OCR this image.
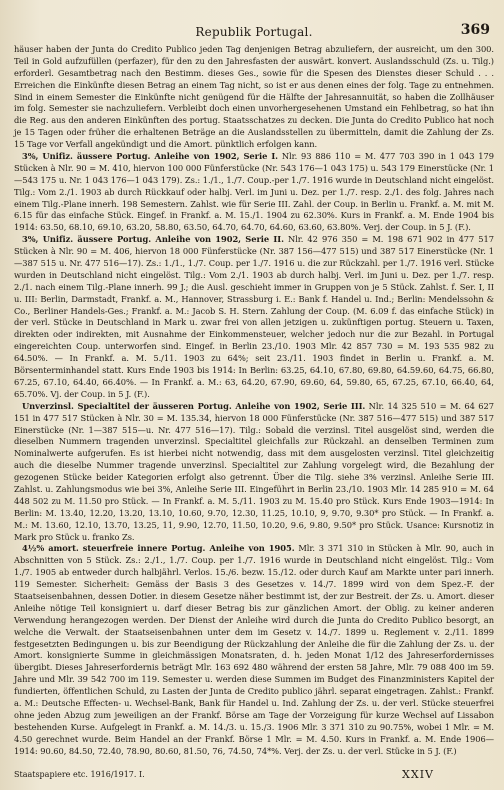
Republik Portugal.	369

häuser haben der Junta do Credito Publico jeden Tag denjenigen Betrag abzuliefern, der ausreicht, um den 300. Teil in Gold aufzufüllen (perfazer), für den zu den Jahresfasten der auswärt. konvert. Auslandsschuld (Zs. u. Tilg.) erforderl. Gesamtbetrag nach den Bestimm. dieses Ges., sowie für die Spesen des Dienstes dieser Schuld . . . Erreichen die Einkünfte diesen Betrag an einem Tag nicht, so ist er aus denen eines der folg. Tage zu entnehmen. Sind in einem Semester die Einkünfte nicht genügend für die Hälfte der Jahresannuität, so haben die Zollhäuser im folg. Semester sie nachzuliefern. Verbleibt doch einen unvorhergesehenen Umstand ein Fehlbetrag, so hat ihn die Reg. aus den anderen Einkünften des portug. Staatsschatzes zu decken. Die Junta do Credito Publico hat noch je 15 Tagen oder früher die erhaltenen Beträge an die Auslandsstellen zu übermitteln, damit die Zahlung der Zs. 15 Tage vor Verfall angekündigt und die Amort. pünktlich erfolgen kann.

3%, Unifiz. äussere Portug. Anleihe von 1902, Serie I. Nlr. 93 886 110 = M. 477 703 390 in 1 043 179 Stücken à Nlr. 90 = M. 410, hiervon 100 000 Fünferstücke (Nr. 543 176—1 043 175) u. 543 179 Einerstücke (Nr. 1—543 175 u. Nr. 1 043 176—1 043 179). Zs.: 1./1., 1./7. Coup.-per 1./7. 1916 wurde in Deutschland nicht eingelöst. Tilg.: Vom 2./1. 1903 ab durch Rückkauf oder halbj. Verl. im Juni u. Dez. per 1./7. resp. 2./1. des folg. Jahres nach einem Tilg.-Plane innerh. 198 Semestern. Zahlst. wie für Serie III. Zahl. der Coup. in Berlin u. Frankf. a. M. mit M. 6.15 für das einfache Stück. Eingef. in Frankf. a. M. 15./1. 1904 zu 62.30%. Kurs in Frankf. a. M. Ende 1904 bis 1914: 63.50, 68.10, 69.10, 63.20, 58.80, 63.50, 64.70, 64.70, 64.60, 63.60, 63.80%. Verj. der Coup. in 5 J. (F.).

3%, Unifiz. äussere Portug. Anleihe von 1902, Serie II. Nlr. 42 976 350 = M. 198 671 902 in 477 517 Stücken à Nlr. 90 = M. 406, hiervon 18 000 Fünferstücke (Nr. 387 156—477 515) und 387 517 Einerstücke (Nr. 1—387 515 u. Nr. 477 516—17). Zs.: 1./1., 1./7. Coup. per 1./7. 1916 u. die zur Rückzahl. per 1./7. 1916 verl. Stücke wurden in Deutschland nicht eingelöst. Tilg.: Vom 2./1. 1903 ab durch halbj. Verl. im Juni u. Dez. per 1./7. resp. 2./1. nach einem Tilg.-Plane innerh. 99 J.; die Ausl. geschieht immer in Gruppen von je 5 Stück. Zahlst. f. Ser. I, II u. III: Berlin, Darmstadt, Frankf. a. M., Hannover, Strassburg i. E.: Bank f. Handel u. Ind.; Berlin: Mendelssohn & Co., Berliner Handels-Ges.; Frankf. a. M.: Jacob S. H. Stern. Zahlung der Coup. (M. 6.09 f. das einfache Stück) in der verl. Stücke in Deutschland in Mark u. zwar frei von allen jetzigen u. zukünftigen portug. Steuern u. Taxen, direkten oder indirekten, mit Ausnahme der Einkommensteuer, welcher jedoch nur die zur Bezahl. in Portugal eingereichten Coup. unterworfen sind. Eingef. in Berlin 23./10. 1903 Mlr. 42 857 730 = M. 193 535 982 zu 64.50%. — In Frankf. a. M. 5./11. 1903 zu 64%; seit 23./11. 1903 findet in Berlin u. Frankf. a. M. Börsenterminhandel statt. Kurs Ende 1903 bis 1914: In Berlin: 63.25, 64.10, 67.80, 69.80, 64.59.60, 64.75, 66.80, 67.25, 67.10, 64.40, 66.40%. — In Frankf. a. M.: 63, 64.20, 67.90, 69.60, 64, 59.80, 65, 67.25, 67.10, 66.40, 64, 65.70%. Vj. der Coup. in 5 J. (F.).

Unverzinsl. Specialtitel der äusseren Portug. Anleihe von 1902, Serie III. Nlr. 14 325 510 = M. 64 627 151 in 477 517 Stücken à Nlr. 30 = M. 135.34, hiervon 18 000 Fünferstücke (Nr. 387 516—477 515) und 387 517 Einerstücke (Nr. 1—387 515—u. Nr. 477 516—17). Tilg.: Sobald die verzinsl. Titel ausgelöst sind, werden die dieselben Nummern tragenden unverzinsl. Specialtitel gleichfalls zur Rückzahl. an denselben Terminen zum Nominalwerte aufgerufen. Es ist hierbei nicht notwendig, dass mit dem ausgelosten verzinsl. Titel gleichzeitig auch die dieselbe Nummer tragende unverzinsl. Specialtitel zur Zahlung vorgelegt wird, die Bezahlung der gezogenen Stücke beider Kategorien erfolgt also getrennt. Über die Tilg. siehe 3% verzinsl. Anleihe Serie III. Zahlst. u. Zahlungsmodus wie bei 3%, Anleihe Serie III. Eingeführt in Berlin 23./10. 1903 Mlr. 14 285 910 = M. 64 448 502 zu M. 11.50 pro Stück. — In Frankf. a. M. 5./11. 1903 zu M. 15.40 pro Stück. Kurs Ende 1903—1914: In Berlin: M. 13.40, 12.20, 13.20, 13.10, 10.60, 9.70, 12.30, 11.25, 10.10, 9, 9.70, 9.30* pro Stück. — In Frankf. a. M.: M. 13.60, 12.10, 13.70, 13.25, 11, 9.90, 12.70, 11.50, 10.20, 9.6, 9.80, 9.50* pro Stück. Usance: Kursnotiz in Mark pro Stück u. franko Zs.

4½% amort. steuerfreie innere Portug. Anleihe von 1905. Mlr. 3 371 310 in Stücken à Mlr. 90, auch in Abschnitten von 5 Stück. Zs.: 2./1., 1./7. Coup. per 1./7. 1916 wurde in Deutschland nicht eingelöst. Tilg.: Vom 1./7. 1905 ab entweder durch halbjährl. Verlos. 15./6. bezw. 15./12. oder durch Kauf am Markte unter pari innerh. 119 Semester. Sicherheit: Gemäss der Basis 3 des Gesetzes v. 14./7. 1899 wird von dem Spez.-F. der Staatseisenbahnen, dessen Dotier. in diesem Gesetze näher bestimmt ist, der zur Bestreit. der Zs. u. Amort. dieser Anleihe nötige Teil konsigniert u. darf dieser Betrag bis zur gänzlichen Amort. der Oblig. zu keiner anderen Verwendung herangezogen werden. Der Dienst der Anleihe wird durch die Junta do Credito Publico besorgt, an welche die Verwalt. der Staatseisenbahnen unter dem im Gesetz v. 14./7. 1899 u. Reglement v. 2./11. 1899 festgesetzten Bedingungen u. bis zur Beendigung der Rückzahlung der Anleihe die für die Zahlung der Zs. u. der Amort. konsignierte Summe in gleichmässigen Monatsraten, d. h. jeden Monat 1/12 des Jahreserfordernisses übergibt. Dieses Jahreserfordernis beträgt Mlr. 163 692 480 während der ersten 58 Jahre, Mlr. 79 088 400 im 59. Jahre und Mlr. 39 542 700 im 119. Semester u. werden diese Summen im Budget des Finanzministers Kapitel der fundierten, öffentlichen Schuld, zu Lasten der Junta de Credito publico jährl. separat eingetragen. Zahlst.: Frankf. a. M.: Deutsche Effecten- u. Wechsel-Bank, Bank für Handel u. Ind. Zahlung der Zs. u. der verl. Stücke steuerfrei ohne jeden Abzug zum jeweiligen an der Frankf. Börse am Tage der Vorzeigung für kurze Wechsel auf Lissabon bestehenden Kurse. Aufgelegt in Frankf. a. M. 14./3. u. 15./3. 1906 Mlr. 3 371 310 zu 90.75%, wobei 1 Mlr. = M. 4.50 gerechnet wurde. Beim Handel an der Frankf. Börse 1 Mlr. = M. 4.50. Kurs in Frankf. a. M. Ende 1906—1914: 90.60, 84.50, 72.40, 78.90, 80.60, 81.50, 76, 74.50, 74*%. Verj. der Zs. u. der verl. Stücke in 5 J. (F.)

Staatspapiere etc. 1916/1917. I.	XXIV
